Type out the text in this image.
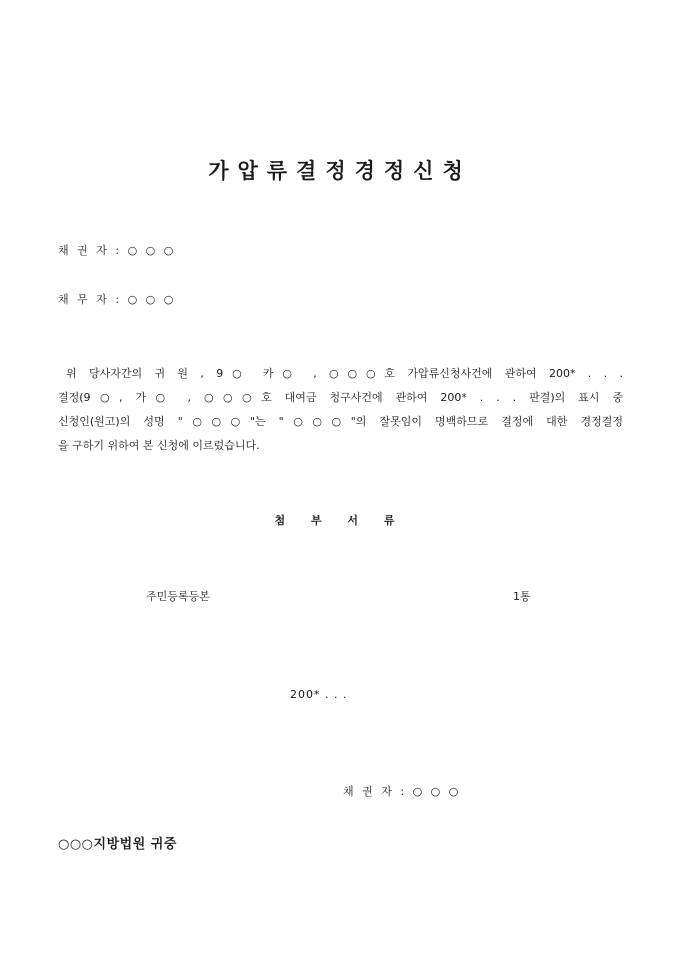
가압류결정경정신청
채 권 자 : ○ ○ ○
채 무 자 : ○ ○ ○
위 당사자간의 귀 원 , 9○ 카○ , ○○○호 가압류신청사건에 관하여 200* . . .
결정(9○, 가○ , ○○○호 대여금 청구사건에 관하여 200* . . . 판결)의 표시 중
신청인(원고)의 성명 "○○○"는 "○○○"의 잘못임이 명백하므로 결정에 대한 경정결정
을 구하기 위하여 본 신청에 이르렀습니다.
첨 부 서 류
주민등록등본	1통
200* . . .
채 권 자 : ○ ○ ○
○○○지방법원 귀중
